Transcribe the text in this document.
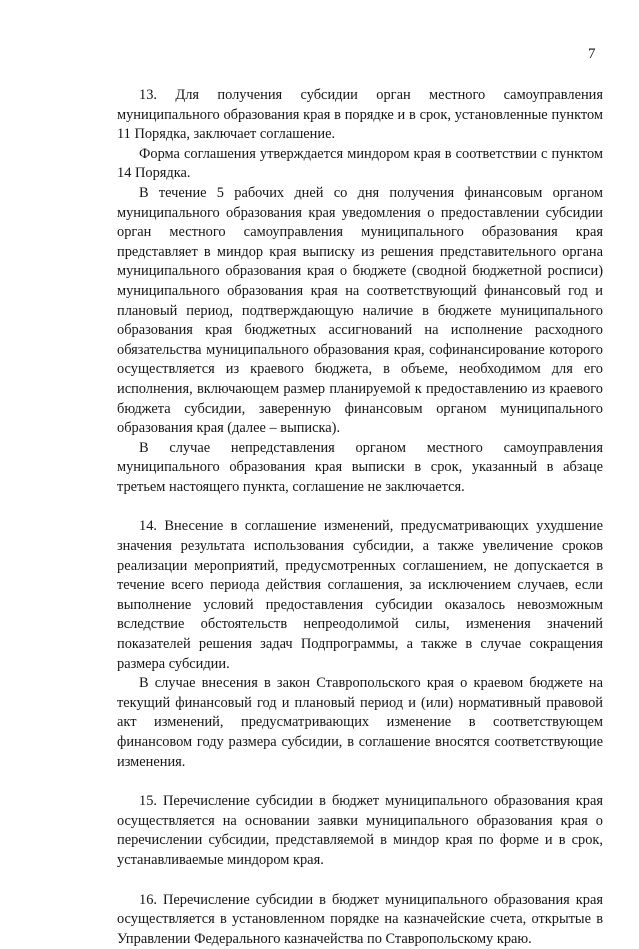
7

13. Для получения субсидии орган местного самоуправления муниципального образования края в порядке и в срок, установленные пунктом 11 Порядка, заключает соглашение.

Форма соглашения утверждается миндором края в соответствии с пунктом 14 Порядка.

В течение 5 рабочих дней со дня получения финансовым органом муниципального образования края уведомления о предоставлении субсидии орган местного самоуправления муниципального образования края представляет в миндор края выписку из решения представительного органа муниципального образования края о бюджете (сводной бюджетной росписи) муниципального образования края на соответствующий финансовый год и плановый период, подтверждающую наличие в бюджете муниципального образования края бюджетных ассигнований на исполнение расходного обязательства муниципального образования края, софинансирование которого осуществляется из краевого бюджета, в объеме, необходимом для его исполнения, включающем размер планируемой к предоставлению из краевого бюджета субсидии, заверенную финансовым органом муниципального образования края (далее – выписка).

В случае непредставления органом местного самоуправления муниципального образования края выписки в срок, указанный в абзаце третьем настоящего пункта, соглашение не заключается.

14. Внесение в соглашение изменений, предусматривающих ухудшение значения результата использования субсидии, а также увеличение сроков реализации мероприятий, предусмотренных соглашением, не допускается в течение всего периода действия соглашения, за исключением случаев, если выполнение условий предоставления субсидии оказалось невозможным вследствие обстоятельств непреодолимой силы, изменения значений показателей решения задач Подпрограммы, а также в случае сокращения размера субсидии.

В случае внесения в закон Ставропольского края о краевом бюджете на текущий финансовый год и плановый период и (или) нормативный правовой акт изменений, предусматривающих изменение в соответствующем финансовом году размера субсидии, в соглашение вносятся соответствующие изменения.

15. Перечисление субсидии в бюджет муниципального образования края осуществляется на основании заявки муниципального образования края о перечислении субсидии, представляемой в миндор края по форме и в срок, устанавливаемые миндором края.

16. Перечисление субсидии в бюджет муниципального образования края осуществляется в установленном порядке на казначейские счета, открытые в Управлении Федерального казначейства по Ставропольскому краю.
